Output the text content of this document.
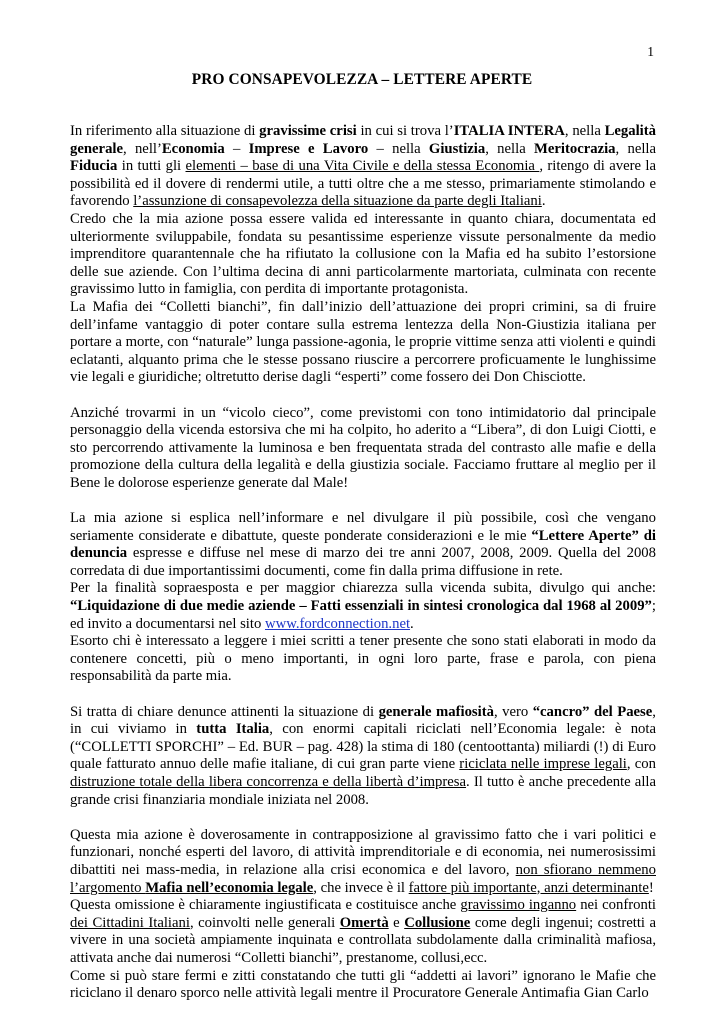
1
PRO CONSAPEVOLEZZA – LETTERE APERTE

In riferimento alla situazione di gravissime crisi in cui si trova l’ITALIA INTERA, nella Legalità generale, nell’Economia – Imprese e Lavoro – nella Giustizia, nella Meritocrazia, nella Fiducia in tutti gli elementi – base di una Vita Civile e della stessa Economia , ritengo di avere la possibilità ed il dovere di rendermi utile, a tutti oltre che a me stesso, primariamente stimolando e favorendo l’assunzione di consapevolezza della situazione da parte degli Italiani.

Credo che la mia azione possa essere valida ed interessante in quanto chiara, documentata ed ulteriormente sviluppabile, fondata su pesantissime esperienze vissute personalmente da medio imprenditore quarantennale che ha rifiutato la collusione con la Mafia ed ha subito l’estorsione delle sue aziende. Con l’ultima decina di anni particolarmente martoriata, culminata con recente gravissimo lutto in famiglia, con perdita di importante protagonista.

La Mafia dei “Colletti bianchi”, fin dall’inizio dell’attuazione dei propri crimini, sa di fruire dell’infame vantaggio di poter contare sulla estrema lentezza della Non-Giustizia italiana per portare a morte, con “naturale” lunga passione-agonia, le proprie vittime senza atti violenti e quindi eclatanti, alquanto prima che le stesse possano riuscire a percorrere proficuamente le lunghissime vie legali e giuridiche; oltretutto derise dagli “esperti” come fossero dei Don Chisciotte.

Anziché trovarmi in un “vicolo cieco”, come previstomi con tono intimidatorio dal principale personaggio della vicenda estorsiva che mi ha colpito, ho aderito a “Libera”, di don Luigi Ciotti, e sto percorrendo attivamente la luminosa e ben frequentata strada del contrasto alle mafie e della promozione della cultura della legalità e della giustizia sociale. Facciamo fruttare al meglio per il Bene le dolorose esperienze generate dal Male!

La mia azione si esplica nell’informare e nel divulgare il più possibile, così che vengano seriamente considerate e dibattute, queste ponderate considerazioni e le mie “Lettere Aperte” di denuncia espresse e diffuse nel mese di marzo dei tre anni 2007, 2008, 2009. Quella del 2008 corredata di due importantissimi documenti, come fin dalla prima diffusione in rete.

Per la finalità sopraesposta e per maggior chiarezza sulla vicenda subita, divulgo qui anche: “Liquidazione di due medie aziende – Fatti essenziali in sintesi cronologica dal 1968 al 2009”; ed invito a documentarsi nel sito www.fordconnection.net.

Esorto chi è interessato a leggere i miei scritti a tener presente che sono stati elaborati in modo da contenere concetti, più o meno importanti, in ogni loro parte, frase e parola, con piena responsabilità da parte mia.

Si tratta di chiare denunce attinenti la situazione di generale mafiosità, vero “cancro” del Paese, in cui viviamo in tutta Italia, con enormi capitali riciclati nell’Economia legale: è nota (“COLLETTI SPORCHI” – Ed. BUR – pag. 428) la stima di 180 (centoottanta) miliardi (!) di Euro quale fatturato annuo delle mafie italiane, di cui gran parte viene riciclata nelle imprese legali, con distruzione totale della libera concorrenza e della libertà d’impresa. Il tutto è anche precedente alla grande crisi finanziaria mondiale iniziata nel 2008.

Questa mia azione è doverosamente in contrapposizione al gravissimo fatto che i vari politici e funzionari, nonché esperti del lavoro, di attività imprenditoriale e di economia, nei numerosissimi dibattiti nei mass-media, in relazione alla crisi economica e del lavoro, non sfiorano nemmeno l’argomento Mafia nell’economia legale, che invece è il fattore più importante, anzi determinante!

Questa omissione è chiaramente ingiustificata e costituisce anche gravissimo inganno nei confronti dei Cittadini Italiani, coinvolti nelle generali Omertà e Collusione come degli ingenui; costretti a vivere in una società ampiamente inquinata e controllata subdolamente dalla criminalità mafiosa, attivata anche dai numerosi “Colletti bianchi”, prestanome, collusi,ecc.

Come si può stare fermi e zitti constatando che tutti gli “addetti ai lavori” ignorano le Mafie che riciclano il denaro sporco nelle attività legali mentre il Procuratore Generale Antimafia Gian Carlo
